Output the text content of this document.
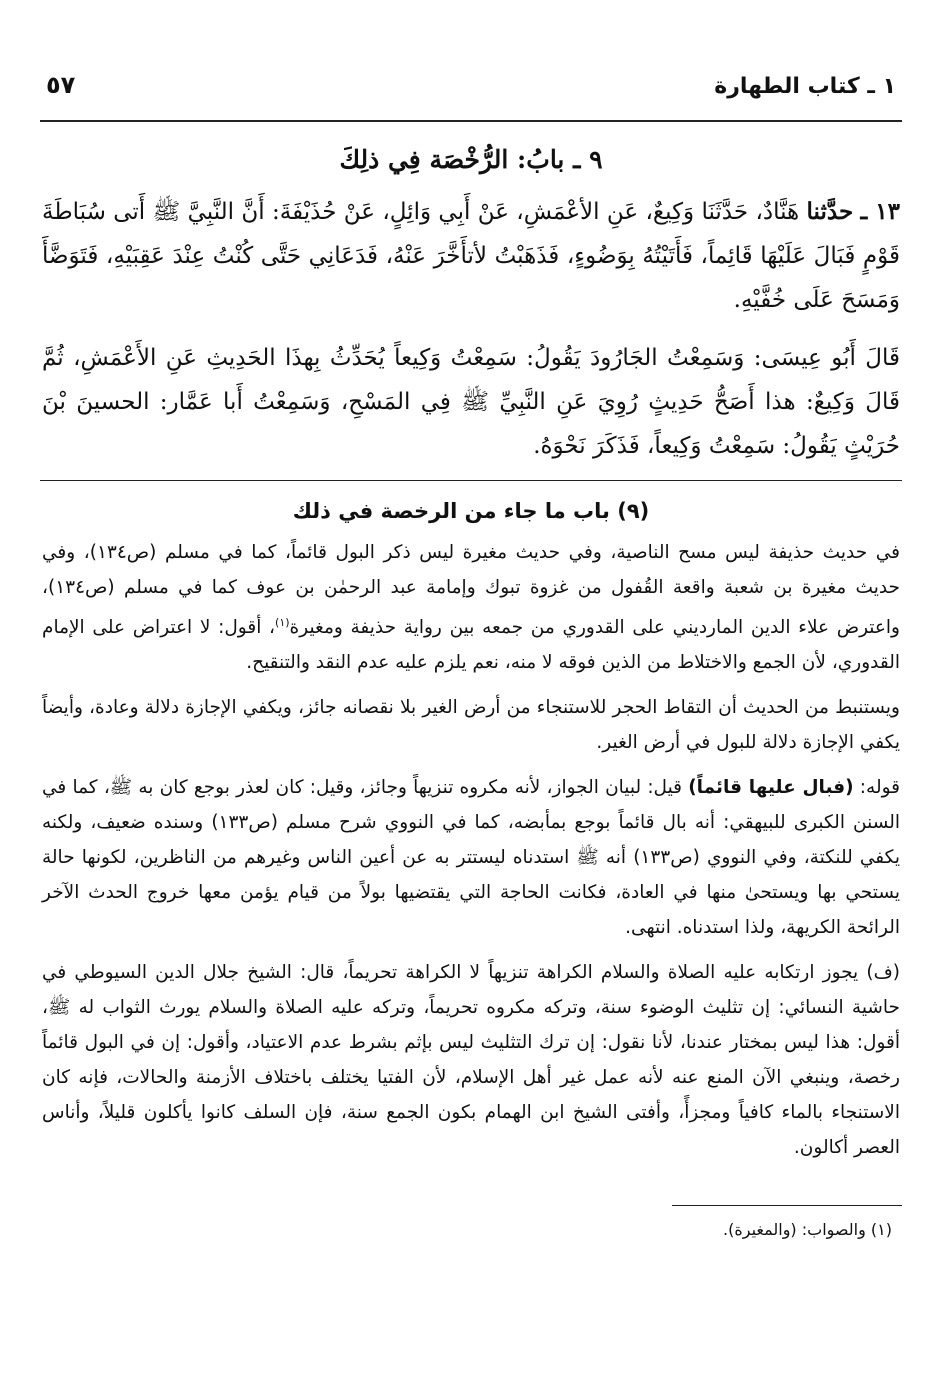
١ ـ كتاب الطهارة
٥٧
٩ ـ بابُ: الرُّخْصَة فِي ذلِكَ

١٣ ـ حدَّثنا هَنَّادٌ، حَدَّثَنَا وَكِيعٌ، عَنِ الأعْمَشِ، عَنْ أَبِي وَائِلٍ، عَنْ حُذَيْفَةَ: أَنَّ النَّبِيَّ ﷺ أَتى سُبَاطَةَ قَوْمٍ فَبَالَ عَلَيْهَا قَائِماً، فَأَتَيْتُهُ بِوَضُوءٍ، فَذَهَبْتُ لأتأَخَّرَ عَنْهُ، فَدَعَانِي حَتَّى كُنْتُ عِنْدَ عَقِبَيْهِ، فَتَوَضَّأَ وَمَسَحَ عَلَى خُفَّيْهِ.

قَالَ أَبُو عِيسَى: وَسَمِعْتُ الجَارُودَ يَقُولُ: سَمِعْتُ وَكِيعاً يُحَدِّثُ بِهذَا الحَدِيثِ عَنِ الأَعْمَشِ، ثُمَّ قَالَ وَكِيعٌ: هذا أَصَحُّ حَدِيثٍ رُوِيَ عَنِ النَّبِيِّ ﷺ فِي المَسْحِ، وَسَمِعْتُ أَبا عَمَّار: الحسينَ بْنَ حُرَيْثٍ يَقُولُ: سَمِعْتُ وَكِيعاً، فَذَكَرَ نَحْوَهُ.

(٩) باب ما جاء من الرخصة في ذلك

في حديث حذيفة ليس مسح الناصية، وفي حديث مغيرة ليس ذكر البول قائماً، كما في مسلم (ص١٣٤)، وفي حديث مغيرة بن شعبة واقعة القُفول من غزوة تبوك وإمامة عبد الرحمٰن بن عوف كما في مسلم (ص١٣٤)، واعترض علاء الدين المارديني على القدوري من جمعه بين رواية حذيفة ومغيرة$^{(١)}$، أقول: لا اعتراض على الإمام القدوري، لأن الجمع والاختلاط من الذين فوقه لا منه، نعم يلزم عليه عدم النقد والتنقيح.

ويستنبط من الحديث أن التقاط الحجر للاستنجاء من أرض الغير بلا نقصانه جائز، ويكفي الإجازة دلالة وعادة، وأيضاً يكفي الإجازة دلالة للبول في أرض الغير.

قوله: (فبال عليها قائماً) قيل: لبيان الجواز، لأنه مكروه تنزيهاً وجائز، وقيل: كان لعذر بوجع كان به ﷺ، كما في السنن الكبرى للبيهقي: أنه بال قائماً بوجع بمأبضه، كما في النووي شرح مسلم (ص١٣٣) وسنده ضعيف، ولكنه يكفي للنكتة، وفي النووي (ص١٣٣) أنه ﷺ استدناه ليستتر به عن أعين الناس وغيرهم من الناظرين، لكونها حالة يستحي بها ويستحىٰ منها في العادة، فكانت الحاجة التي يقتضيها بولاً من قيام يؤمن معها خروج الحدث الآخر الرائحة الكريهة، ولذا استدناه. انتهى.

(ف) يجوز ارتكابه عليه الصلاة والسلام الكراهة تنزيهاً لا الكراهة تحريماً، قال: الشيخ جلال الدين السيوطي في حاشية النسائي: إن تثليث الوضوء سنة، وتركه مكروه تحريماً، وتركه عليه الصلاة والسلام يورث الثواب له ﷺ، أقول: هذا ليس بمختار عندنا، لأنا نقول: إن ترك التثليث ليس بإثم بشرط عدم الاعتياد، وأقول: إن في البول قائماً رخصة، وينبغي الآن المنع عنه لأنه عمل غير أهل الإسلام، لأن الفتيا يختلف باختلاف الأزمنة والحالات، فإنه كان الاستنجاء بالماء كافياً ومجزأً، وأفتى الشيخ ابن الهمام بكون الجمع سنة، فإن السلف كانوا يأكلون قليلاً، وأناس العصر أكالون.

(١) والصواب: (والمغيرة).
